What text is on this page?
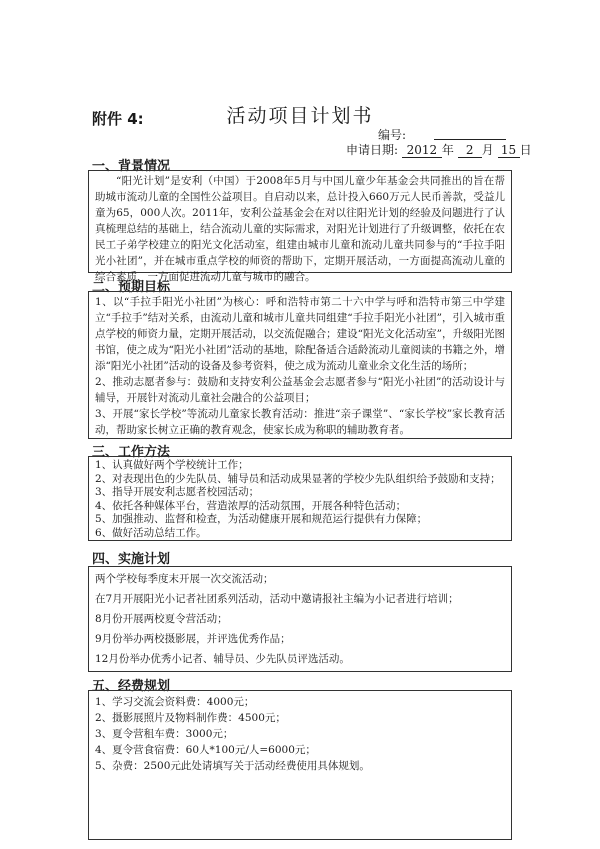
附件 4:	活动项目计划书
编号:
申请日期: 2012 年 2 月 15 日
一、背景情况

“阳光计划”是安利（中国）于2008年5月与中国儿童少年基金会共同推出的旨在帮助城市流动儿童的全国性公益项目。自启动以来，总计投入660万元人民币善款，受益儿童为65，000人次。2011年，安利公益基金会在对以往阳光计划的经验及问题进行了认真梳理总结的基础上，结合流动儿童的实际需求，对阳光计划进行了升级调整，依托在农民工子弟学校建立的阳光文化活动室，组建由城市儿童和流动儿童共同参与的“手拉手阳光小社团”，并在城市重点学校的师资的帮助下，定期开展活动，一方面提高流动儿童的综合素质，一方面促进流动儿童与城市的融合。

二、预期目标

1、以“手拉手阳光小社团”为核心：呼和浩特市第二十六中学与呼和浩特市第三中学建立“手拉手”结对关系，由流动儿童和城市儿童共同组建“手拉手阳光小社团”，引入城市重点学校的师资力量，定期开展活动，以交流促融合；建设“阳光文化活动室”，升级阳光图书馆，使之成为“阳光小社团”活动的基地，除配备适合适龄流动儿童阅读的书籍之外，增添“阳光小社团”活动的设备及参考资料，使之成为流动儿童业余文化生活的场所；

2、推动志愿者参与：鼓励和支持安利公益基金会志愿者参与“阳光小社团”的活动设计与辅导，开展针对流动儿童社会融合的公益项目；

3、开展“家长学校”等流动儿童家长教育活动：推进“亲子课堂”、“家长学校”家长教育活动，帮助家长树立正确的教育观念，使家长成为称职的辅助教育者。

三、工作方法

1、认真做好两个学校统计工作；

2、对表现出色的少先队员、辅导员和活动成果显著的学校少先队组织给予鼓励和支持；

3、指导开展安利志愿者校园活动；

4、依托各种媒体平台，营造浓厚的活动氛围，开展各种特色活动；

5、加强推动、监督和检查，为活动健康开展和规范运行提供有力保障；

6、做好活动总结工作。

四、实施计划

两个学校每季度末开展一次交流活动；

在7月开展阳光小记者社团系列活动，活动中邀请报社主编为小记者进行培训；

8月份开展两校夏令营活动；

9月份举办两校摄影展，并评选优秀作品；

12月份举办优秀小记者、辅导员、少先队员评选活动。

五、经费规划

1、学习交流会资料费：4000元；

2、摄影展照片及物料制作费：4500元；

3、夏令营租车费：3000元；

4、夏令营食宿费：60人*100元/人=6000元；

5、杂费：2500元此处请填写关于活动经费使用具体规划。
